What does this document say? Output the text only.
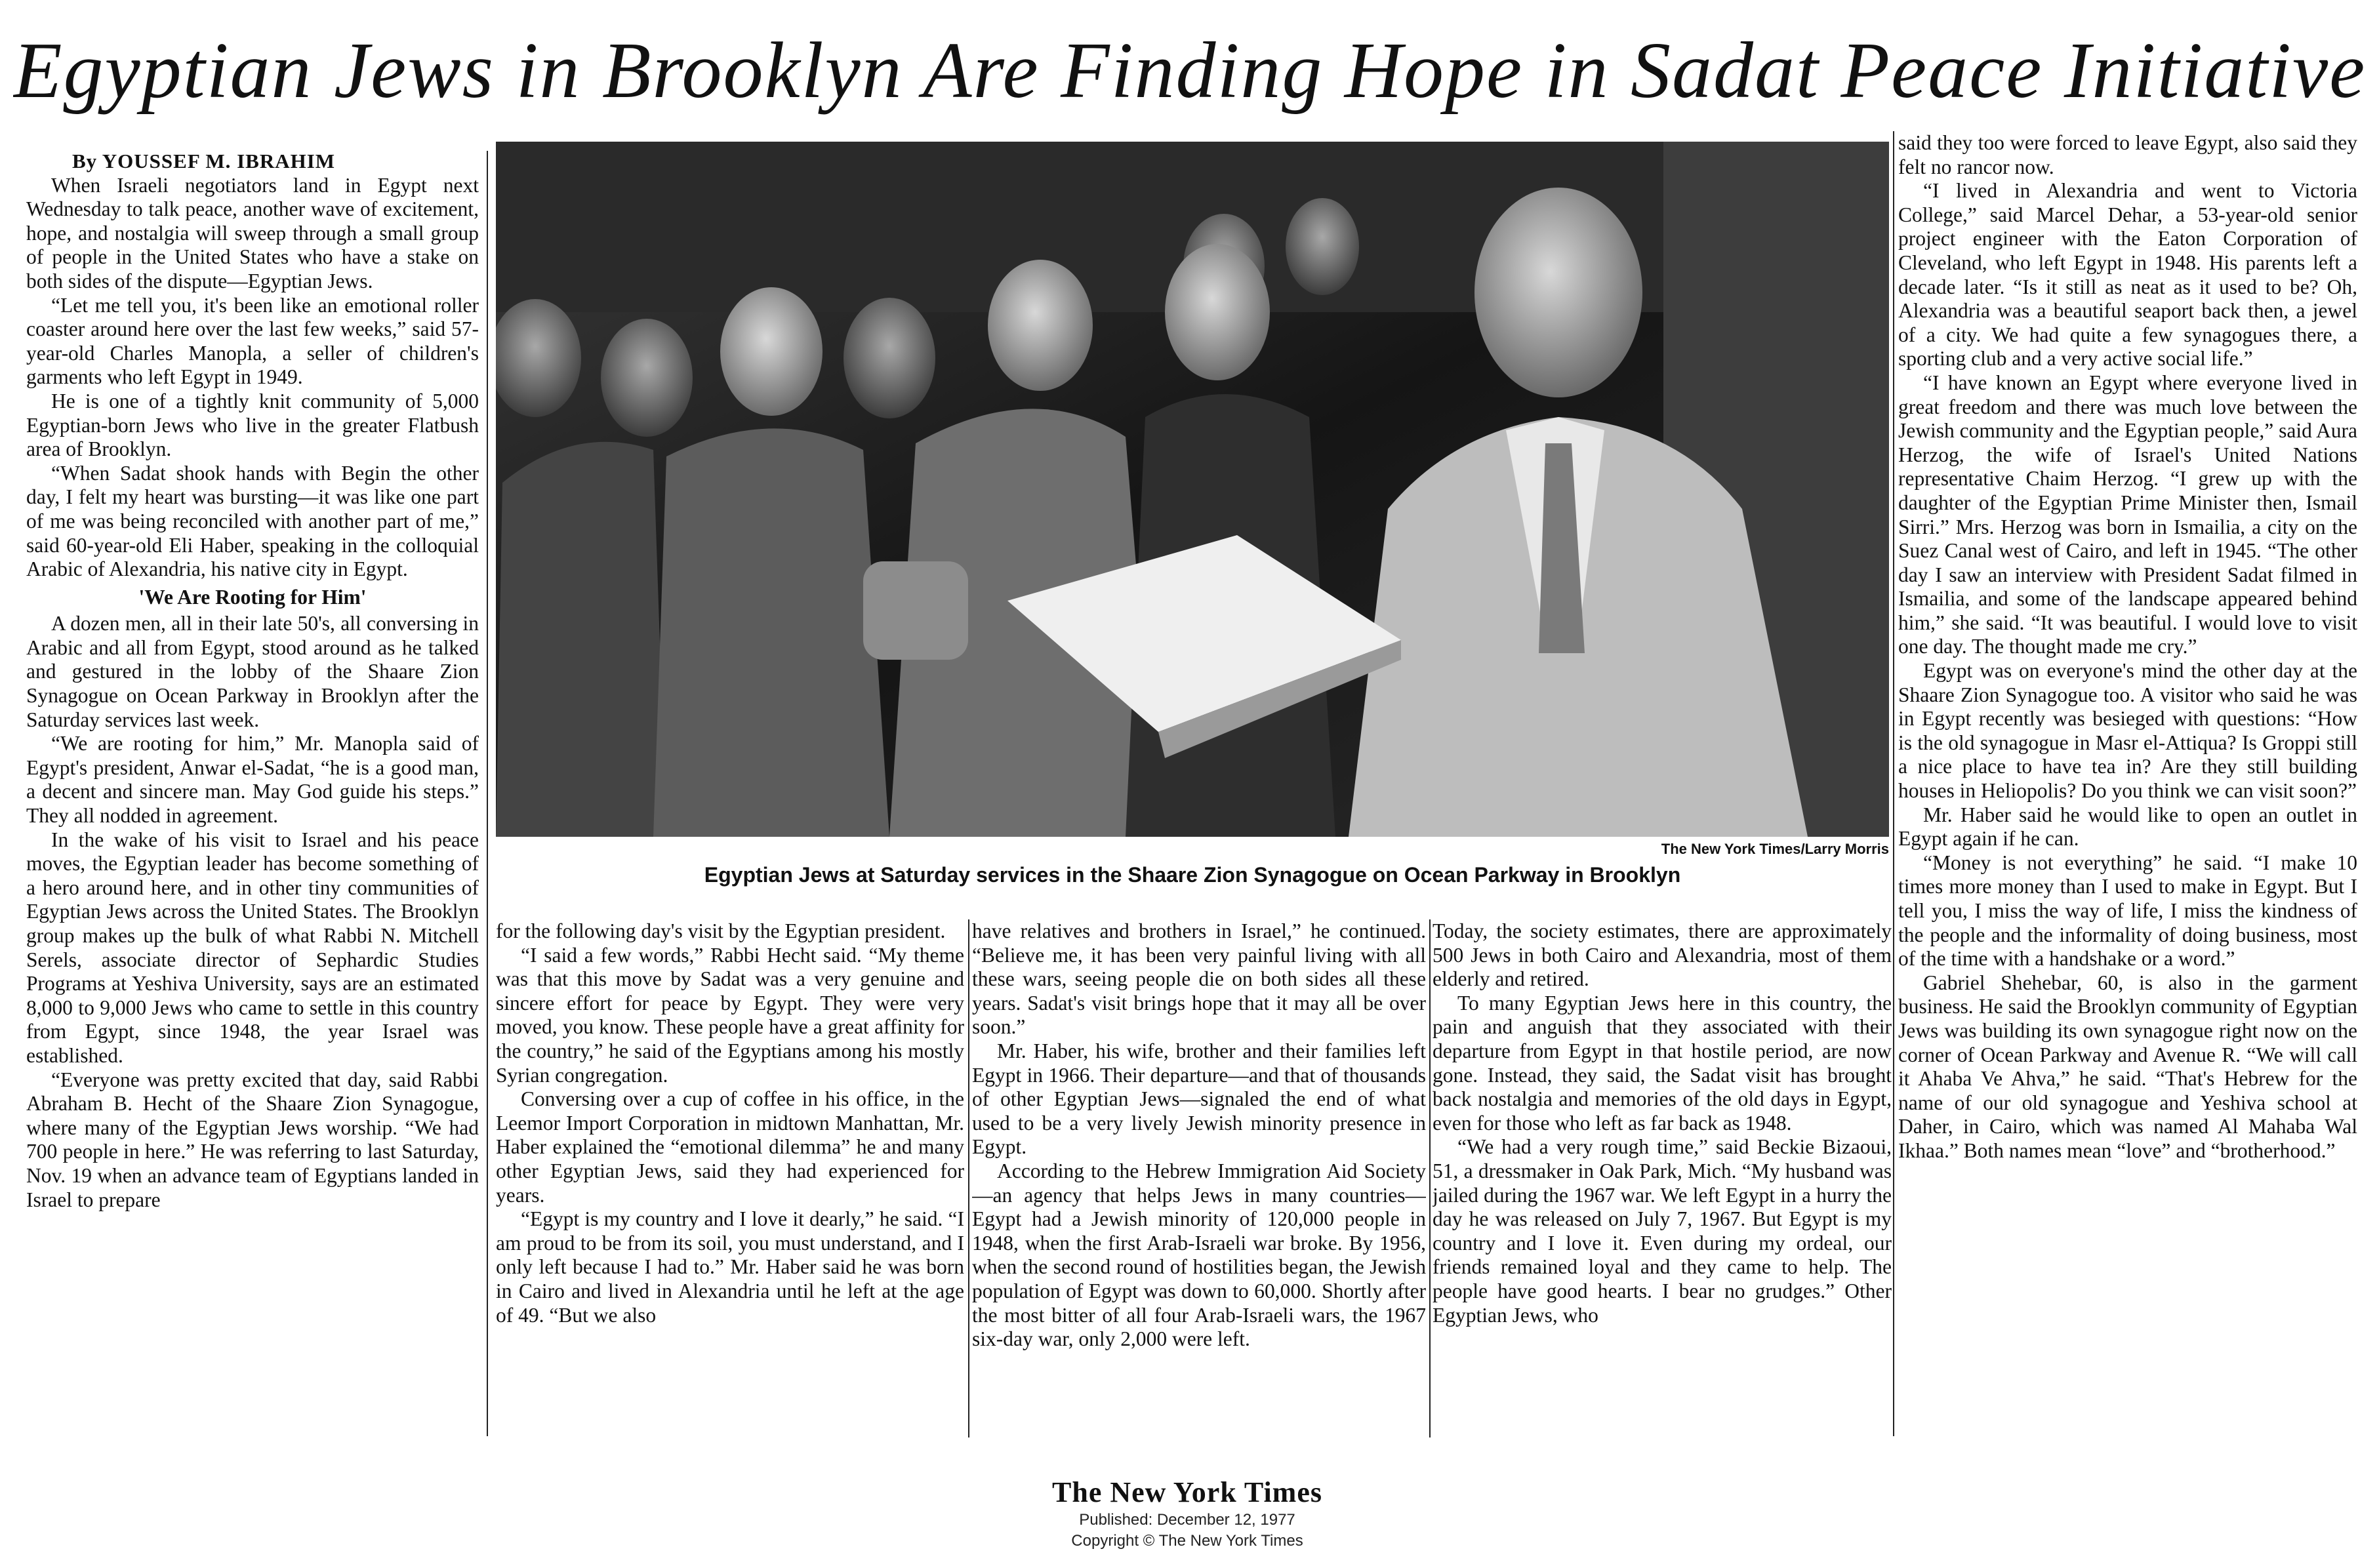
Egyptian Jews in Brooklyn Are Finding Hope in Sadat Peace Initiative

By YOUSSEF M. IBRAHIM

When Israeli negotiators land in Egypt next Wednesday to talk peace, another wave of excitement, hope, and nostalgia will sweep through a small group of people in the United States who have a stake on both sides of the dispute—Egyptian Jews.

“Let me tell you, it's been like an emotional roller coaster around here over the last few weeks,” said 57-year-old Charles Manopla, a seller of children's garments who left Egypt in 1949.

He is one of a tightly knit community of 5,000 Egyptian-born Jews who live in the greater Flatbush area of Brooklyn.

“When Sadat shook hands with Begin the other day, I felt my heart was bursting—it was like one part of me was being reconciled with another part of me,” said 60-year-old Eli Haber, speaking in the colloquial Arabic of Alexandria, his native city in Egypt.

'We Are Rooting for Him'

A dozen men, all in their late 50's, all conversing in Arabic and all from Egypt, stood around as he talked and gestured in the lobby of the Shaare Zion Synagogue on Ocean Parkway in Brooklyn after the Saturday services last week.

“We are rooting for him,” Mr. Manopla said of Egypt's president, Anwar el-Sadat, “he is a good man, a decent and sincere man. May God guide his steps.” They all nodded in agreement.

In the wake of his visit to Israel and his peace moves, the Egyptian leader has become something of a hero around here, and in other tiny communities of Egyptian Jews across the United States. The Brooklyn group makes up the bulk of what Rabbi N. Mitchell Serels, associate director of Sephardic Studies Programs at Yeshiva University, says are an estimated 8,000 to 9,000 Jews who came to settle in this country from Egypt, since 1948, the year Israel was established.

“Everyone was pretty excited that day, said Rabbi Abraham B. Hecht of the Shaare Zion Synagogue, where many of the Egyptian Jews worship. “We had 700 people in here.” He was referring to last Saturday, Nov. 19 when an advance team of Egyptians landed in Israel to prepare

The New York Times/Larry Morris
Egyptian Jews at Saturday services in the Shaare Zion Synagogue on Ocean Parkway in Brooklyn

for the following day's visit by the Egyptian president.

“I said a few words,” Rabbi Hecht said. “My theme was that this move by Sadat was a very genuine and sincere effort for peace by Egypt. They were very moved, you know. These people have a great affinity for the country,” he said of the Egyptians among his mostly Syrian congregation.

Conversing over a cup of coffee in his office, in the Leemor Import Corporation in midtown Manhattan, Mr. Haber explained the “emotional dilemma” he and many other Egyptian Jews, said they had experienced for years.

“Egypt is my country and I love it dearly,” he said. “I am proud to be from its soil, you must understand, and I only left because I had to.” Mr. Haber said he was born in Cairo and lived in Alexandria until he left at the age of 49. “But we also

have relatives and brothers in Israel,” he continued. “Believe me, it has been very painful living with all these wars, seeing people die on both sides all these years. Sadat's visit brings hope that it may all be over soon.”

Mr. Haber, his wife, brother and their families left Egypt in 1966. Their departure—and that of thousands of other Egyptian Jews—signaled the end of what used to be a very lively Jewish minority presence in Egypt.

According to the Hebrew Immigration Aid Society—an agency that helps Jews in many countries—Egypt had a Jewish minority of 120,000 people in 1948, when the first Arab-Israeli war broke. By 1956, when the second round of hostilities began, the Jewish population of Egypt was down to 60,000. Shortly after the most bitter of all four Arab-Israeli wars, the 1967 six-day war, only 2,000 were left.

Today, the society estimates, there are approximately 500 Jews in both Cairo and Alexandria, most of them elderly and retired.

To many Egyptian Jews here in this country, the pain and anguish that they associated with their departure from Egypt in that hostile period, are now gone. Instead, they said, the Sadat visit has brought back nostalgia and memories of the old days in Egypt, even for those who left as far back as 1948.

“We had a very rough time,” said Beckie Bizaoui, 51, a dressmaker in Oak Park, Mich. “My husband was jailed during the 1967 war. We left Egypt in a hurry the day he was released on July 7, 1967. But Egypt is my country and I love it. Even during my ordeal, our friends remained loyal and they came to help. The people have good hearts. I bear no grudges.” Other Egyptian Jews, who

said they too were forced to leave Egypt, also said they felt no rancor now.

“I lived in Alexandria and went to Victoria College,” said Marcel Dehar, a 53-year-old senior project engineer with the Eaton Corporation of Cleveland, who left Egypt in 1948. His parents left a decade later. “Is it still as neat as it used to be? Oh, Alexandria was a beautiful seaport back then, a jewel of a city. We had quite a few synagogues there, a sporting club and a very active social life.”

“I have known an Egypt where everyone lived in great freedom and there was much love between the Jewish community and the Egyptian people,” said Aura Herzog, the wife of Israel's United Nations representative Chaim Herzog. “I grew up with the daughter of the Egyptian Prime Minister then, Ismail Sirri.” Mrs. Herzog was born in Ismailia, a city on the Suez Canal west of Cairo, and left in 1945. “The other day I saw an interview with President Sadat filmed in Ismailia, and some of the landscape appeared behind him,” she said. “It was beautiful. I would love to visit one day. The thought made me cry.”

Egypt was on everyone's mind the other day at the Shaare Zion Synagogue too. A visitor who said he was in Egypt recently was besieged with questions: “How is the old synagogue in Masr el-Attiqua? Is Groppi still a nice place to have tea in? Are they still building houses in Heliopolis? Do you think we can visit soon?”

Mr. Haber said he would like to open an outlet in Egypt again if he can.

“Money is not everything” he said. “I make 10 times more money than I used to make in Egypt. But I tell you, I miss the way of life, I miss the kindness of the people and the informality of doing business, most of the time with a handshake or a word.”

Gabriel Shehebar, 60, is also in the garment business. He said the Brooklyn community of Egyptian Jews was building its own synagogue right now on the corner of Ocean Parkway and Avenue R. “We will call it Ahaba Ve Ahva,” he said. “That's Hebrew for the name of our old synagogue and Yeshiva school at Daher, in Cairo, which was named Al Mahaba Wal Ikhaa.” Both names mean “love” and “brotherhood.”

The New York Times
Published: December 12, 1977
Copyright © The New York Times
